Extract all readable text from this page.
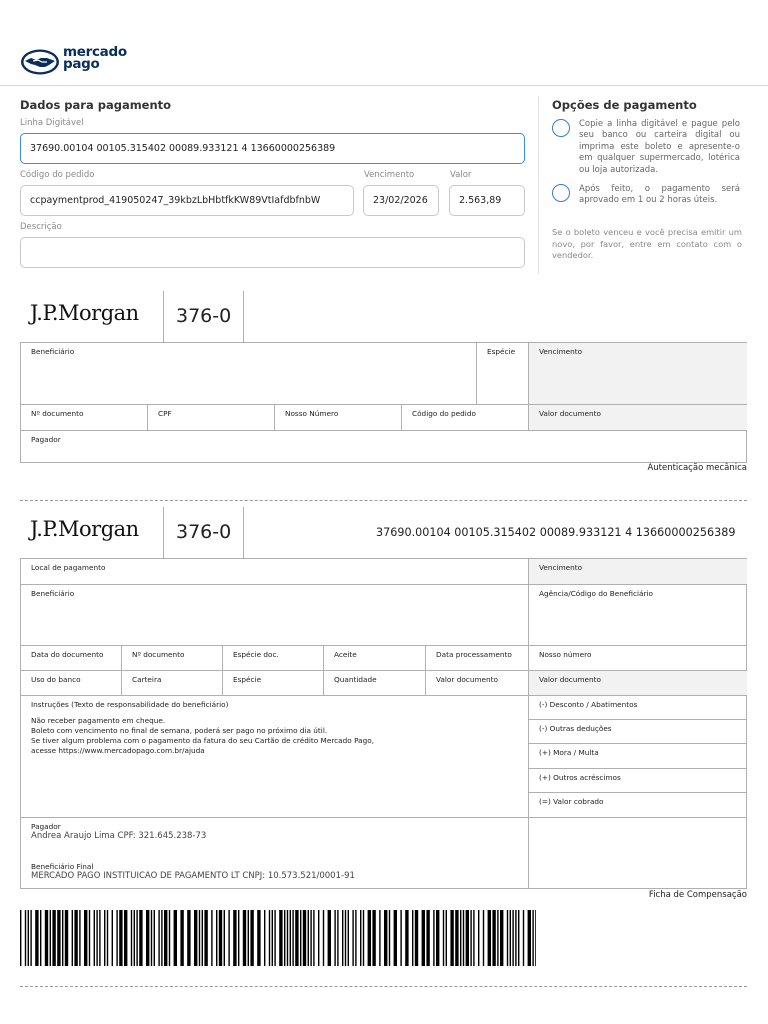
mercado
pago
Dados para pagamento
Linha Digitável
37690.00104 00105.315402 00089.933121 4 13660000256389
Código do pedido
ccpaymentprod_419050247_39kbzLbHbtfkKW89VtIafdbfnbW
Vencimento
23/02/2026
Valor
2.563,89
Descrição
Opções de pagamento
Copie a linha digitável e pague pelo seu banco ou carteira digital ou imprima este boleto e apresente-o em qualquer supermercado, lotérica ou loja autorizada.
Após feito, o pagamento será aprovado em 1 ou 2 horas úteis.
Se o boleto venceu e você precisa emitir um novo, por favor, entre em contato com o vendedor.
J.P.Morgan 376-0
Beneficiário	Espécie	Vencimento
Nº documento	CPF	Nosso Número	Código do pedido	Valor documento
Pagador
Autenticação mecânica
J.P.Morgan 376-0	37690.00104 00105.315402 00089.933121 4 13660000256389
Local de pagamento	Vencimento
Beneficiário	Agência/Código do Beneficiário
Data do documento	Nº documento	Espécie doc.	Aceite	Data processamento	Nosso número
Uso do banco	Carteira	Espécie	Quantidade	Valor documento	Valor documento
Instruções (Texto de responsabilidade do beneficiário)
Não receber pagamento em cheque.
Boleto com vencimento no final de semana, poderá ser pago no próximo dia útil.
Se tiver algum problema com o pagamento da fatura do seu Cartão de crédito Mercado Pago,
acesse https://www.mercadopago.com.br/ajuda
(-) Desconto / Abatimentos
(-) Outras deduções
(+) Mora / Multa
(+) Outros acréscimos
(=) Valor cobrado
Pagador
Andrea Araujo Lima CPF: 321.645.238-73
Beneficiário Final
MERCADO PAGO INSTITUICAO DE PAGAMENTO LT CNPJ: 10.573.521/0001-91
Ficha de Compensação
